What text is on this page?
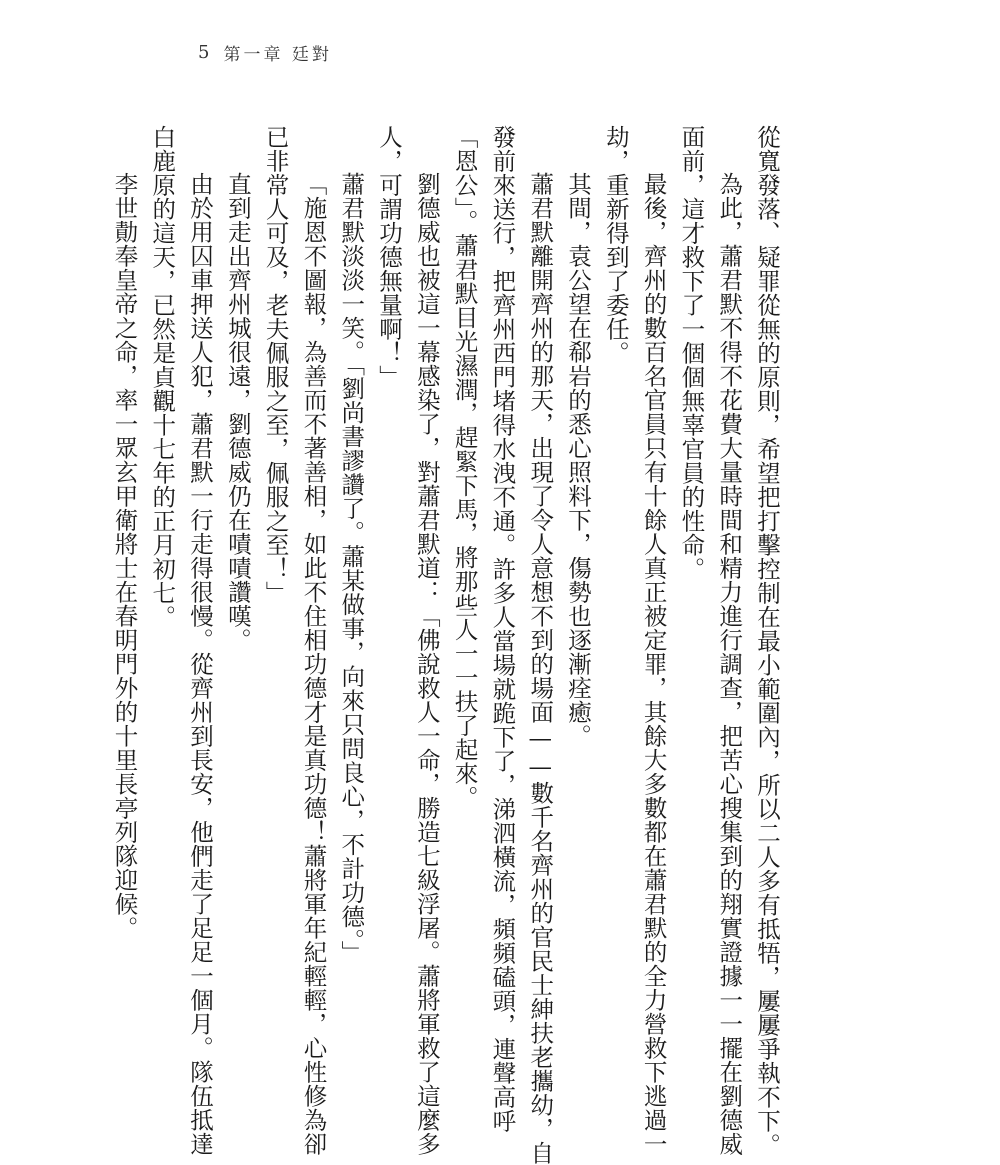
5 第一章 廷對

從寬發落、疑罪從無的原則，希望把打擊控制在最小範圍內，所以二人多有抵牾，屢屢爭執不下。

為此，蕭君默不得不花費大量時間和精力進行調查，把苦心搜集到的翔實證據一一擺在劉德威

面前，這才救下了一個個無辜官員的性命。

最後，齊州的數百名官員只有十餘人真正被定罪，其餘大多數都在蕭君默的全力營救下逃過一

劫，重新得到了委任。

其間，袁公望在郗岩的悉心照料下，傷勢也逐漸痊癒。

蕭君默離開齊州的那天，出現了令人意想不到的場面——數千名齊州的官民士紳扶老攜幼，自

發前來送行，把齊州西門堵得水洩不通。許多人當場就跪下了，涕泗橫流，頻頻磕頭，連聲高呼

「恩公」。蕭君默目光濕潤，趕緊下馬，將那些人一一扶了起來。

劉德威也被這一幕感染了，對蕭君默道：「佛說救人一命，勝造七級浮屠。蕭將軍救了這麼多

人，可謂功德無量啊！」

蕭君默淡淡一笑。「劉尚書謬讚了。蕭某做事，向來只問良心，不計功德。」

「施恩不圖報，為善而不著善相，如此不住相功德才是真功德！蕭將軍年紀輕輕，心性修為卻

已非常人可及，老夫佩服之至，佩服之至！」

直到走出齊州城很遠，劉德威仍在嘖嘖讚嘆。

由於用囚車押送人犯，蕭君默一行走得很慢。從齊州到長安，他們走了足足一個月。隊伍抵達

白鹿原的這天，已然是貞觀十七年的正月初七。

李世勣奉皇帝之命，率一眾玄甲衛將士在春明門外的十里長亭列隊迎候。
